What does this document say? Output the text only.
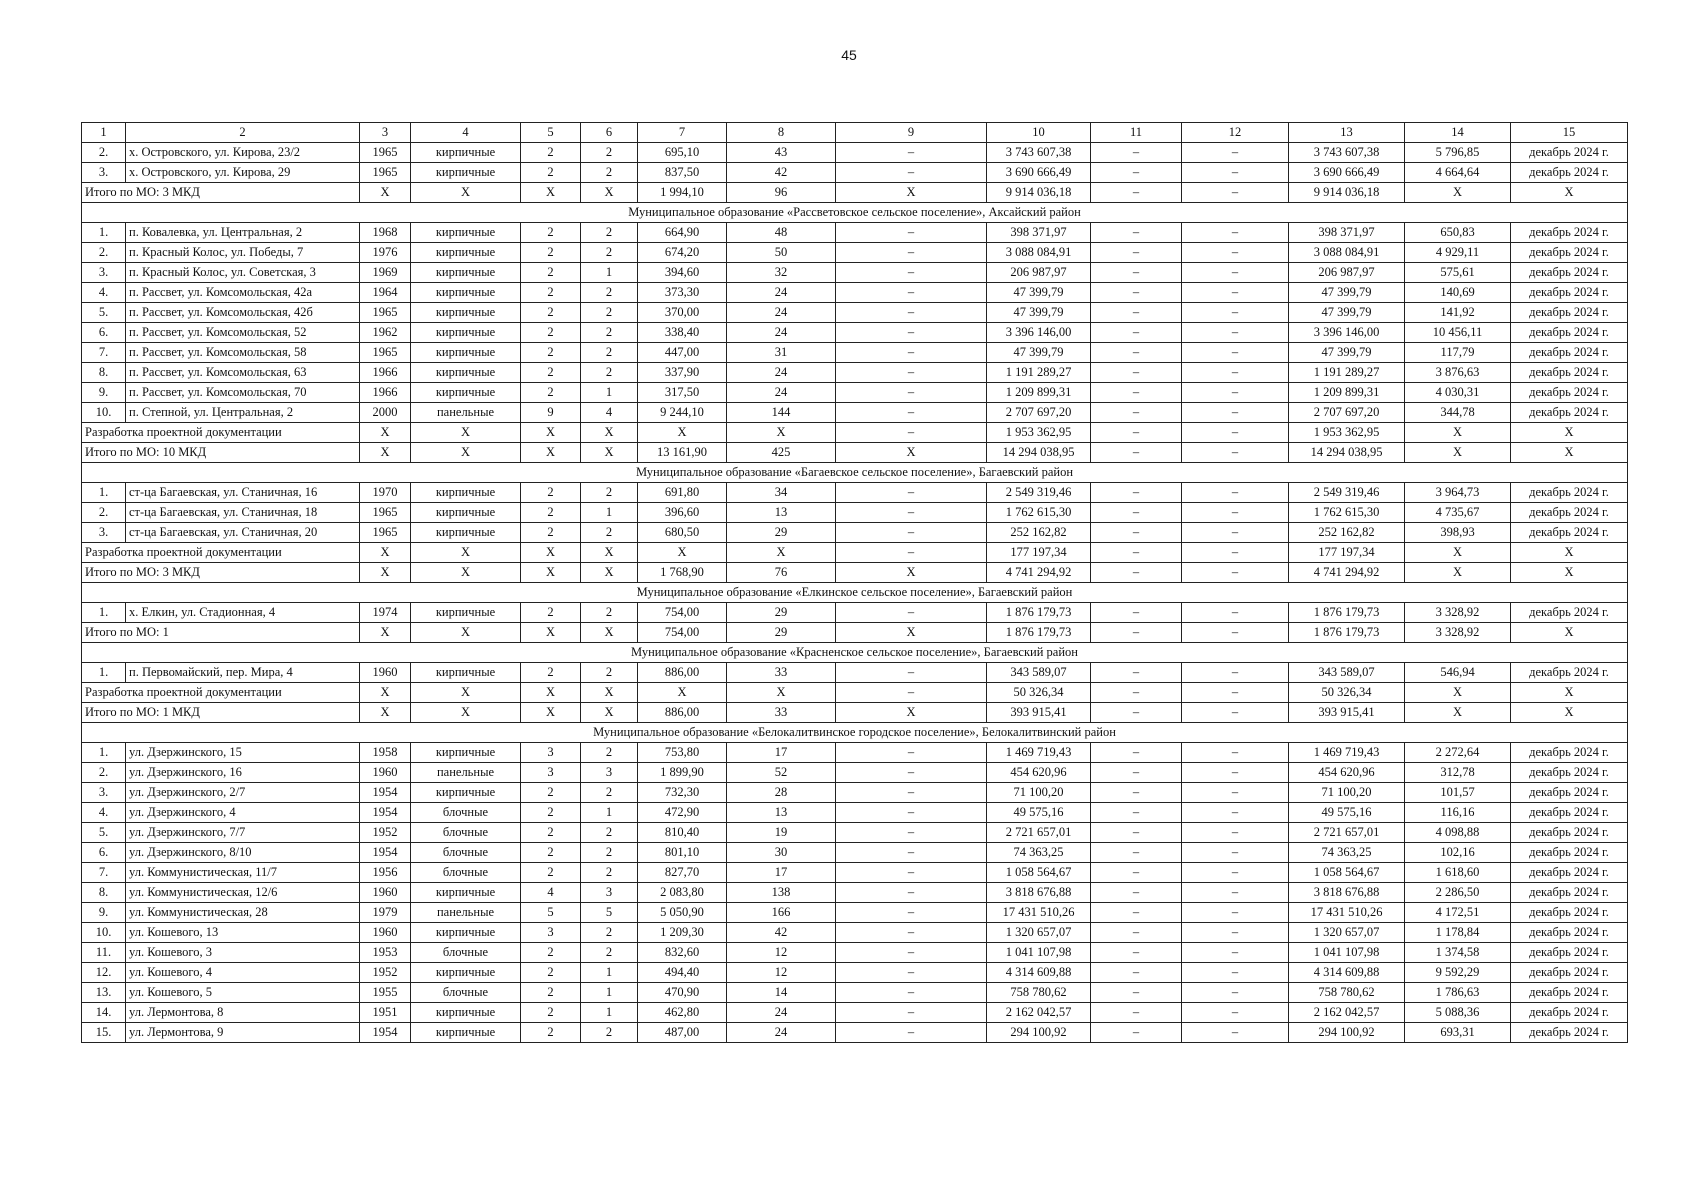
45
1	2	3	4	5	6	7	8	9	10	11	12	13	14	15
2.	х. Островского, ул. Кирова, 23/2	1965	кирпичные	2	2	695,10	43	–	3 743 607,38	–	–	3 743 607,38	5 796,85	декабрь 2024 г.
3.	х. Островского, ул. Кирова, 29	1965	кирпичные	2	2	837,50	42	–	3 690 666,49	–	–	3 690 666,49	4 664,64	декабрь 2024 г.
Итого по МО: 3 МКД		X	X	X	X	1 994,10	96	X	9 914 036,18	–	–	9 914 036,18	X	X
Муниципальное образование «Рассветовское сельское поселение», Аксайский район														
1.	п. Ковалевка, ул. Центральная, 2	1968	кирпичные	2	2	664,90	48	–	398 371,97	–	–	398 371,97	650,83	декабрь 2024 г.
2.	п. Красный Колос, ул. Победы, 7	1976	кирпичные	2	2	674,20	50	–	3 088 084,91	–	–	3 088 084,91	4 929,11	декабрь 2024 г.
3.	п. Красный Колос, ул. Советская, 3	1969	кирпичные	2	1	394,60	32	–	206 987,97	–	–	206 987,97	575,61	декабрь 2024 г.
4.	п. Рассвет, ул. Комсомольская, 42а	1964	кирпичные	2	2	373,30	24	–	47 399,79	–	–	47 399,79	140,69	декабрь 2024 г.
5.	п. Рассвет, ул. Комсомольская, 42б	1965	кирпичные	2	2	370,00	24	–	47 399,79	–	–	47 399,79	141,92	декабрь 2024 г.
6.	п. Рассвет, ул. Комсомольская, 52	1962	кирпичные	2	2	338,40	24	–	3 396 146,00	–	–	3 396 146,00	10 456,11	декабрь 2024 г.
7.	п. Рассвет, ул. Комсомольская, 58	1965	кирпичные	2	2	447,00	31	–	47 399,79	–	–	47 399,79	117,79	декабрь 2024 г.
8.	п. Рассвет, ул. Комсомольская, 63	1966	кирпичные	2	2	337,90	24	–	1 191 289,27	–	–	1 191 289,27	3 876,63	декабрь 2024 г.
9.	п. Рассвет, ул. Комсомольская, 70	1966	кирпичные	2	1	317,50	24	–	1 209 899,31	–	–	1 209 899,31	4 030,31	декабрь 2024 г.
10.	п. Степной, ул. Центральная, 2	2000	панельные	9	4	9 244,10	144	–	2 707 697,20	–	–	2 707 697,20	344,78	декабрь 2024 г.
Разработка проектной документации		X	X	X	X	X	X	–	1 953 362,95	–	–	1 953 362,95	X	X
Итого по МО: 10 МКД		X	X	X	X	13 161,90	425	X	14 294 038,95	–	–	14 294 038,95	X	X
Муниципальное образование «Багаевское сельское поселение», Багаевский район														
1.	ст-ца Багаевская, ул. Станичная, 16	1970	кирпичные	2	2	691,80	34	–	2 549 319,46	–	–	2 549 319,46	3 964,73	декабрь 2024 г.
2.	ст-ца Багаевская, ул. Станичная, 18	1965	кирпичные	2	1	396,60	13	–	1 762 615,30	–	–	1 762 615,30	4 735,67	декабрь 2024 г.
3.	ст-ца Багаевская, ул. Станичная, 20	1965	кирпичные	2	2	680,50	29	–	252 162,82	–	–	252 162,82	398,93	декабрь 2024 г.
Разработка проектной документации		X	X	X	X	X	X	–	177 197,34	–	–	177 197,34	X	X
Итого по МО: 3 МКД		X	X	X	X	1 768,90	76	X	4 741 294,92	–	–	4 741 294,92	X	X
Муниципальное образование «Елкинское сельское поселение», Багаевский район														
1.	х. Елкин, ул. Стадионная, 4	1974	кирпичные	2	2	754,00	29	–	1 876 179,73	–	–	1 876 179,73	3 328,92	декабрь 2024 г.
Итого по МО: 1		X	X	X	X	754,00	29	X	1 876 179,73	–	–	1 876 179,73	3 328,92	X
Муниципальное образование «Красненское сельское поселение», Багаевский район														
1.	п. Первомайский, пер. Мира, 4	1960	кирпичные	2	2	886,00	33	–	343 589,07	–	–	343 589,07	546,94	декабрь 2024 г.
Разработка проектной документации		X	X	X	X	X	X	–	50 326,34	–	–	50 326,34	X	X
Итого по МО: 1 МКД		X	X	X	X	886,00	33	X	393 915,41	–	–	393 915,41	X	X
Муниципальное образование «Белокалитвинское городское поселение», Белокалитвинский район														
1.	ул. Дзержинского, 15	1958	кирпичные	3	2	753,80	17	–	1 469 719,43	–	–	1 469 719,43	2 272,64	декабрь 2024 г.
2.	ул. Дзержинского, 16	1960	панельные	3	3	1 899,90	52	–	454 620,96	–	–	454 620,96	312,78	декабрь 2024 г.
3.	ул. Дзержинского, 2/7	1954	кирпичные	2	2	732,30	28	–	71 100,20	–	–	71 100,20	101,57	декабрь 2024 г.
4.	ул. Дзержинского, 4	1954	блочные	2	1	472,90	13	–	49 575,16	–	–	49 575,16	116,16	декабрь 2024 г.
5.	ул. Дзержинского, 7/7	1952	блочные	2	2	810,40	19	–	2 721 657,01	–	–	2 721 657,01	4 098,88	декабрь 2024 г.
6.	ул. Дзержинского, 8/10	1954	блочные	2	2	801,10	30	–	74 363,25	–	–	74 363,25	102,16	декабрь 2024 г.
7.	ул. Коммунистическая, 11/7	1956	блочные	2	2	827,70	17	–	1 058 564,67	–	–	1 058 564,67	1 618,60	декабрь 2024 г.
8.	ул. Коммунистическая, 12/6	1960	кирпичные	4	3	2 083,80	138	–	3 818 676,88	–	–	3 818 676,88	2 286,50	декабрь 2024 г.
9.	ул. Коммунистическая, 28	1979	панельные	5	5	5 050,90	166	–	17 431 510,26	–	–	17 431 510,26	4 172,51	декабрь 2024 г.
10.	ул. Кошевого, 13	1960	кирпичные	3	2	1 209,30	42	–	1 320 657,07	–	–	1 320 657,07	1 178,84	декабрь 2024 г.
11.	ул. Кошевого, 3	1953	блочные	2	2	832,60	12	–	1 041 107,98	–	–	1 041 107,98	1 374,58	декабрь 2024 г.
12.	ул. Кошевого, 4	1952	кирпичные	2	1	494,40	12	–	4 314 609,88	–	–	4 314 609,88	9 592,29	декабрь 2024 г.
13.	ул. Кошевого, 5	1955	блочные	2	1	470,90	14	–	758 780,62	–	–	758 780,62	1 786,63	декабрь 2024 г.
14.	ул. Лермонтова, 8	1951	кирпичные	2	1	462,80	24	–	2 162 042,57	–	–	2 162 042,57	5 088,36	декабрь 2024 г.
15.	ул. Лермонтова, 9	1954	кирпичные	2	2	487,00	24	–	294 100,92	–	–	294 100,92	693,31	декабрь 2024 г.
